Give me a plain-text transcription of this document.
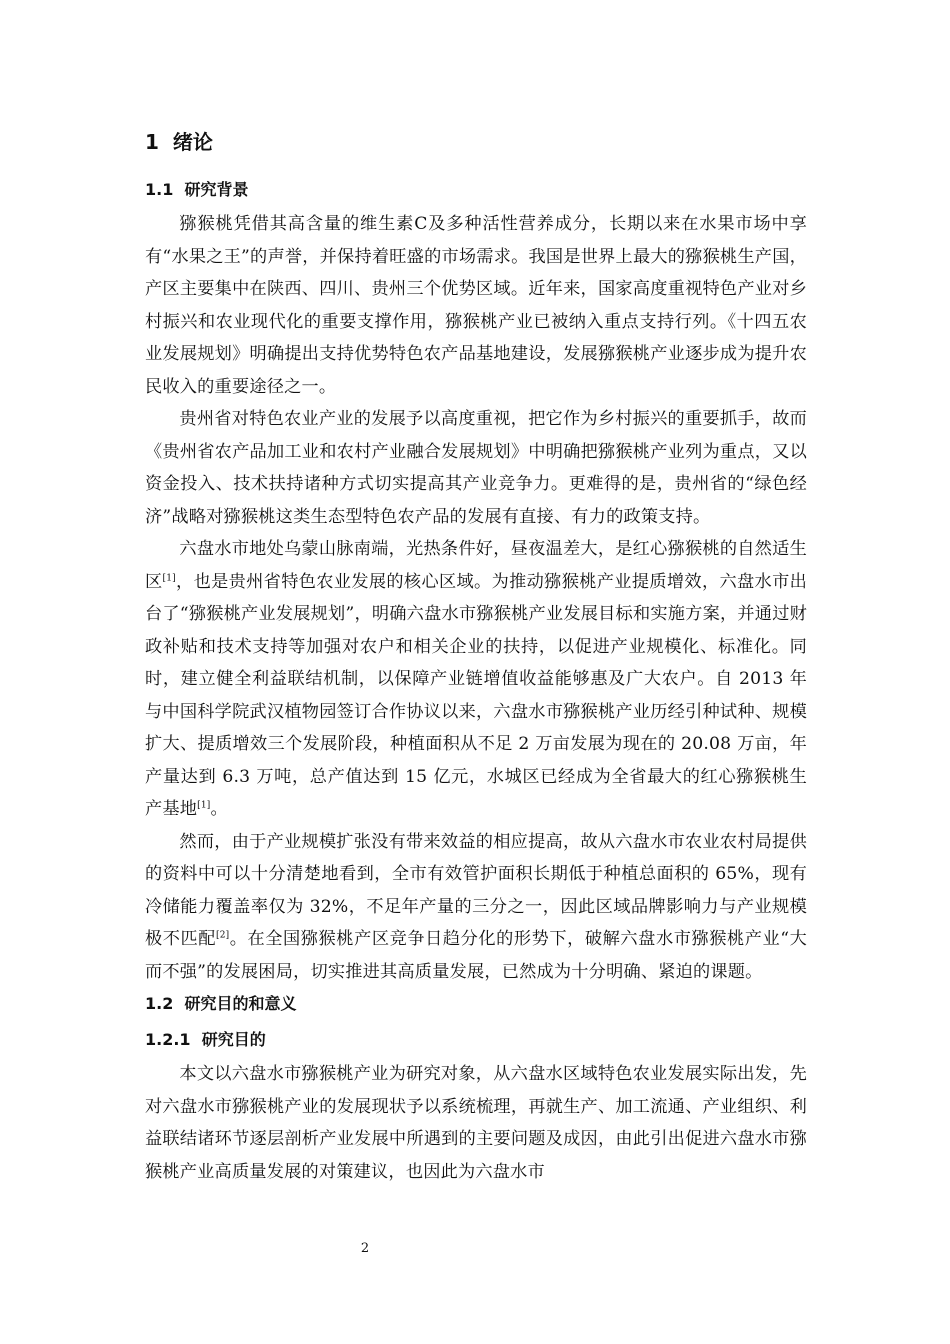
1 绪论
1.1 研究背景

猕猴桃凭借其高含量的维生素C及多种活性营养成分，长期以来在水果市场中享有“水果之王”的声誉，并保持着旺盛的市场需求。我国是世界上最大的猕猴桃生产国，产区主要集中在陕西、四川、贵州三个优势区域。近年来，国家高度重视特色产业对乡村振兴和农业现代化的重要支撑作用，猕猴桃产业已被纳入重点支持行列。《十四五农业发展规划》明确提出支持优势特色农产品基地建设，发展猕猴桃产业逐步成为提升农民收入的重要途径之一。

贵州省对特色农业产业的发展予以高度重视，把它作为乡村振兴的重要抓手，故而《贵州省农产品加工业和农村产业融合发展规划》中明确把猕猴桃产业列为重点，又以资金投入、技术扶持诸种方式切实提高其产业竞争力。更难得的是，贵州省的“绿色经济”战略对猕猴桃这类生态型特色农产品的发展有直接、有力的政策支持。

六盘水市地处乌蒙山脉南端，光热条件好，昼夜温差大，是红心猕猴桃的自然适生区[1]，也是贵州省特色农业发展的核心区域。为推动猕猴桃产业提质增效，六盘水市出台了“猕猴桃产业发展规划”，明确六盘水市猕猴桃产业发展目标和实施方案，并通过财政补贴和技术支持等加强对农户和相关企业的扶持，以促进产业规模化、标准化。同时，建立健全利益联结机制，以保障产业链增值收益能够惠及广大农户。自 2013 年与中国科学院武汉植物园签订合作协议以来，六盘水市猕猴桃产业历经引种试种、规模扩大、提质增效三个发展阶段，种植面积从不足 2 万亩发展为现在的 20.08 万亩，年产量达到 6.3 万吨，总产值达到 15 亿元，水城区已经成为全省最大的红心猕猴桃生产基地[1]。

然而，由于产业规模扩张没有带来效益的相应提高，故从六盘水市农业农村局提供的资料中可以十分清楚地看到，全市有效管护面积长期低于种植总面积的 65%，现有冷储能力覆盖率仅为 32%，不足年产量的三分之一，因此区域品牌影响力与产业规模极不匹配[2]。在全国猕猴桃产区竞争日趋分化的形势下，破解六盘水市猕猴桃产业“大而不强”的发展困局，切实推进其高质量发展，已然成为十分明确、紧迫的课题。

1.2 研究目的和意义
1.2.1 研究目的

本文以六盘水市猕猴桃产业为研究对象，从六盘水区域特色农业发展实际出发，先对六盘水市猕猴桃产业的发展现状予以系统梳理，再就生产、加工流通、产业组织、利益联结诸环节逐层剖析产业发展中所遇到的主要问题及成因，由此引出促进六盘水市猕猴桃产业高质量发展的对策建议，也因此为六盘水市

2
